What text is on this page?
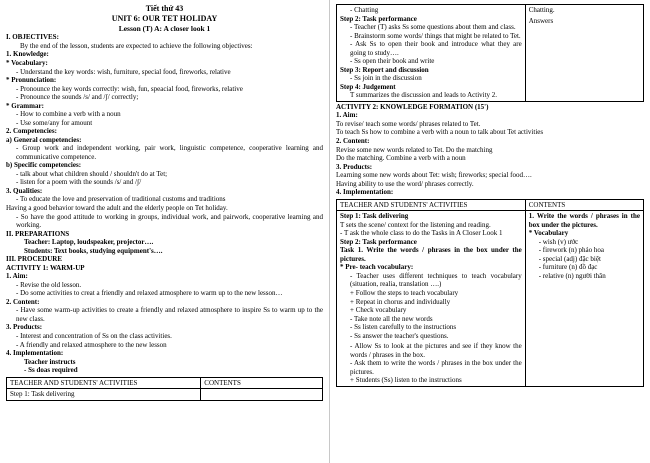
Tiết thứ 43
UNIT 6: OUR TET HOLIDAY
Lesson (T) A: A closer look 1
I. OBJECTIVES:
By the end of the lesson, students are expected to achieve the following objectives:
1. Knowledge:
* Vocabulary:
- Understand the key words: wish, furniture, special food, fireworks, relative
* Pronunciation:
- Pronounce the key words correctly: wish, fun, speacial food, fireworks, relative
- Pronounce the sounds /s/ and /ʃ/ correctly;
* Grammar:
- How to combine a verb with a noun
- Use some/any for amount
2. Competencies:
a) General competencies:
- Group work and independent working, pair work, linguistic competence, cooperative learning and communicative competence.
b) Specific competencies:
- talk about what children should / shouldn't do at Tet;
- listen for a poem with the sounds /s/ and /ʃ/
3. Qualities:
- To educate the love and preservation of traditional customs and traditions
Having a good behavior toward the adult and the elderly people on Tet holiday.
- So have the good attitude to working in groups, individual work, and pairwork, cooperative learning and working.
II. PREPARATIONS
Teacher: Laptop, loudspeaker, projector….
Students: Text books, studying equipment's….
III. PROCEDURE
ACTIVITY 1: WARM-UP
1. Aim:
- Revise the old lesson.
- Do some activities to creat a friendly and relaxed atmosphere to warm up to the new lesson…
2. Content:
- Have some warm-up activities to create a friendly and relaxed atmosphere to inspire Ss to warm up to the new class.
3. Products:
- Interest and concentration of Ss on the class activities.
- A friendly and relaxed atmosphere to the new lesson
4. Implementation:
Teacher instructs
- Ss doas required
TEACHER AND STUDENTS' ACTIVITIES	CONTENTS
Step 1: Task delivering	
- Chatting
Step 2: Task performance
- Teacher (T) asks Ss some questions about them and class.
- Brainstorm some words/ things that might be related to Tet.
- Ask Ss to open their book and introduce what they are going to study….
- Ss open their book and write
Step 3: Report and discussion
- Ss join in the discussion
Step 4: Judgement
T summarizes the discussion and leads to Activity 2.

Chatting.
Answers
ACTIVITY 2: KNOWLEDGE FORMATION (15')
1. Aim:
To revise/ teach some words/ phrases related to Tet.
To teach Ss how to combine a verb with a noun to talk about Tet activities
2. Content:
Revise some new words related to Tet. Do the matching
Do the matching. Combine a verb with a noun
3. Products:
Learning some new words about Tet: wish; fireworks; special food….
Having ability to use the word/ phrases correctly.
4. Implementation:
TEACHER AND STUDENTS' ACTIVITIES	CONTENTS

Step 1: Task delivering
T sets the scene/ context for the listening and reading.
- T ask the whole class to do the Tasks in A Closer Look 1
Step 2: Task performance
Task 1. Write the words / phrases in the box under the pictures.
* Pre- teach vocabulary:
- Teacher uses different techniques to teach vocabulary (situation, realia, translation ….)
+ Follow the steps to teach vocabulary
+ Repeat in chorus and individually
+ Check vocabulary
- Take note all the new words
- Ss listen carefully to the instructions
- Ss answer the teacher's questions.
- Allow Ss to look at the pictures and see if they know the words / phrases in the box.
- Ask them to write the words / phrases in the box under the pictures.
+ Students (Ss) listen to the instructions

1. Write the words / phrases in the box under the pictures.
* Vocabulary
- wish (v) ước
- firework (n) pháo hoa
- special (adj) đặc biệt
- furniture (n) đồ đạc
- relative (n) người thân
